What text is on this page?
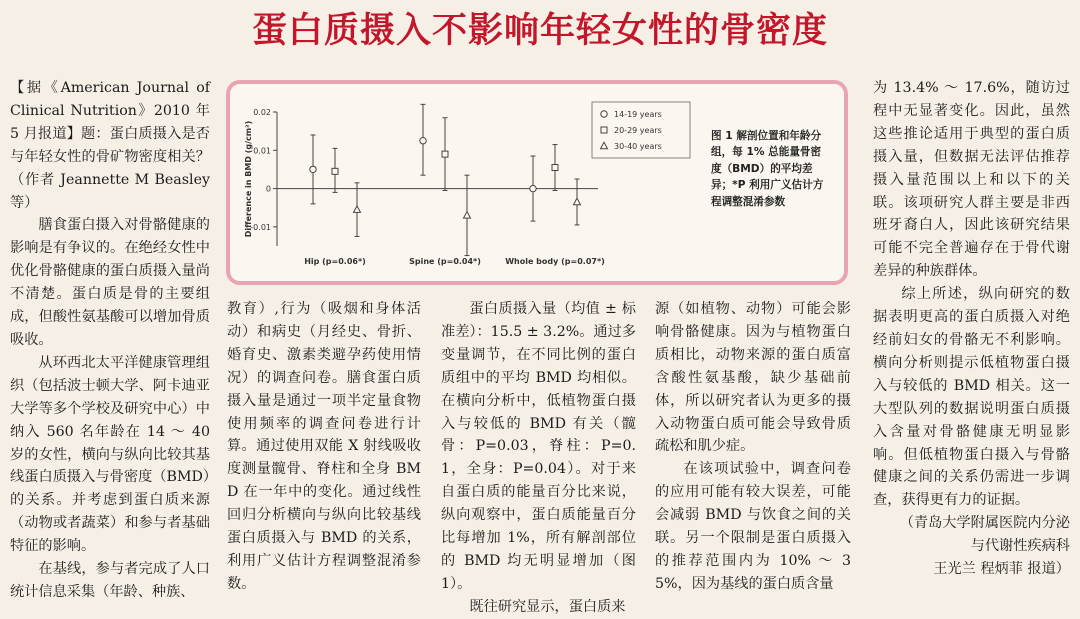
蛋白质摄入不影响年轻女性的骨密度

【据《American Journal of Clinical Nutrition》2010 年 5 月报道】题：蛋白质摄入是否与年轻女性的骨矿物密度相关？（作者 Jeannette M Beasley 等）

膳食蛋白摄入对骨骼健康的影响是有争议的。在绝经女性中优化骨骼健康的蛋白质摄入量尚不清楚。蛋白质是骨的主要组成，但酸性氨基酸可以增加骨质吸收。

从环西北太平洋健康管理组织（包括波士顿大学、阿卡迪亚大学等多个学校及研究中心）中纳入 560 名年龄在 14 ～ 40 岁的女性，横向与纵向比较其基线蛋白质摄入与骨密度（BMD）的关系。并考虑到蛋白质来源（动物或者蔬菜）和参与者基础特征的影响。

在基线，参与者完成了人口统计信息采集（年龄、种族、

0.02
0.01
0
-0.01
Difference in BMD (g/cm²)
Hip (p=0.06*)	Spine (p=0.04*)	Whole body (p=0.07*)
14-19 years
20-29 years
30-40 years
图 1 解剖位置和年龄分组，每 1% 总能量骨密度（BMD）的平均差异；*P 利用广义估计方程调整混淆参数

教育）,行为（吸烟和身体活动）和病史（月经史、骨折、婚育史、激素类避孕药使用情况）的调查问卷。膳食蛋白质摄入量是通过一项半定量食物使用频率的调查问卷进行计算。通过使用双能 X 射线吸收度测量髋骨、脊柱和全身 BMD 在一年中的变化。通过线性回归分析横向与纵向比较基线蛋白质摄入与 BMD 的关系，利用广义估计方程调整混淆参数。

蛋白质摄入量（均值 ± 标准差）：15.5 ± 3.2%。通过多变量调节，在不同比例的蛋白质组中的平均 BMD 均相似。在横向分析中，低植物蛋白摄入与较低的 BMD 有关（髋骨：P=0.03，脊柱：P=0.1，全身：P=0.04）。对于来自蛋白质的能量百分比来说，纵向观察中，蛋白质能量百分比每增加 1%，所有解剖部位的 BMD 均无明显增加（图 1）。

既往研究显示，蛋白质来

源（如植物、动物）可能会影响骨骼健康。因为与植物蛋白质相比，动物来源的蛋白质富含酸性氨基酸，缺少基础前体，所以研究者认为更多的摄入动物蛋白质可能会导致骨质疏松和肌少症。

在该项试验中，调查问卷的应用可能有较大误差，可能会减弱 BMD 与饮食之间的关联。另一个限制是蛋白质摄入的推荐范围内为 10% ～ 35%，因为基线的蛋白质含量

为 13.4% ～ 17.6%，随访过程中无显著变化。因此，虽然这些推论适用于典型的蛋白质摄入量，但数据无法评估推荐摄入量范围以上和以下的关联。该项研究人群主要是非西班牙裔白人，因此该研究结果可能不完全普遍存在于骨代谢差异的种族群体。

综上所述，纵向研究的数据表明更高的蛋白质摄入对绝经前妇女的骨骼无不利影响。横向分析则提示低植物蛋白摄入与较低的 BMD 相关。这一大型队列的数据说明蛋白质摄入含量对骨骼健康无明显影响。但低植物蛋白摄入与骨骼健康之间的关系仍需进一步调查，获得更有力的证据。

（青岛大学附属医院内分泌

与代谢性疾病科

王光兰 程炳菲 报道）
